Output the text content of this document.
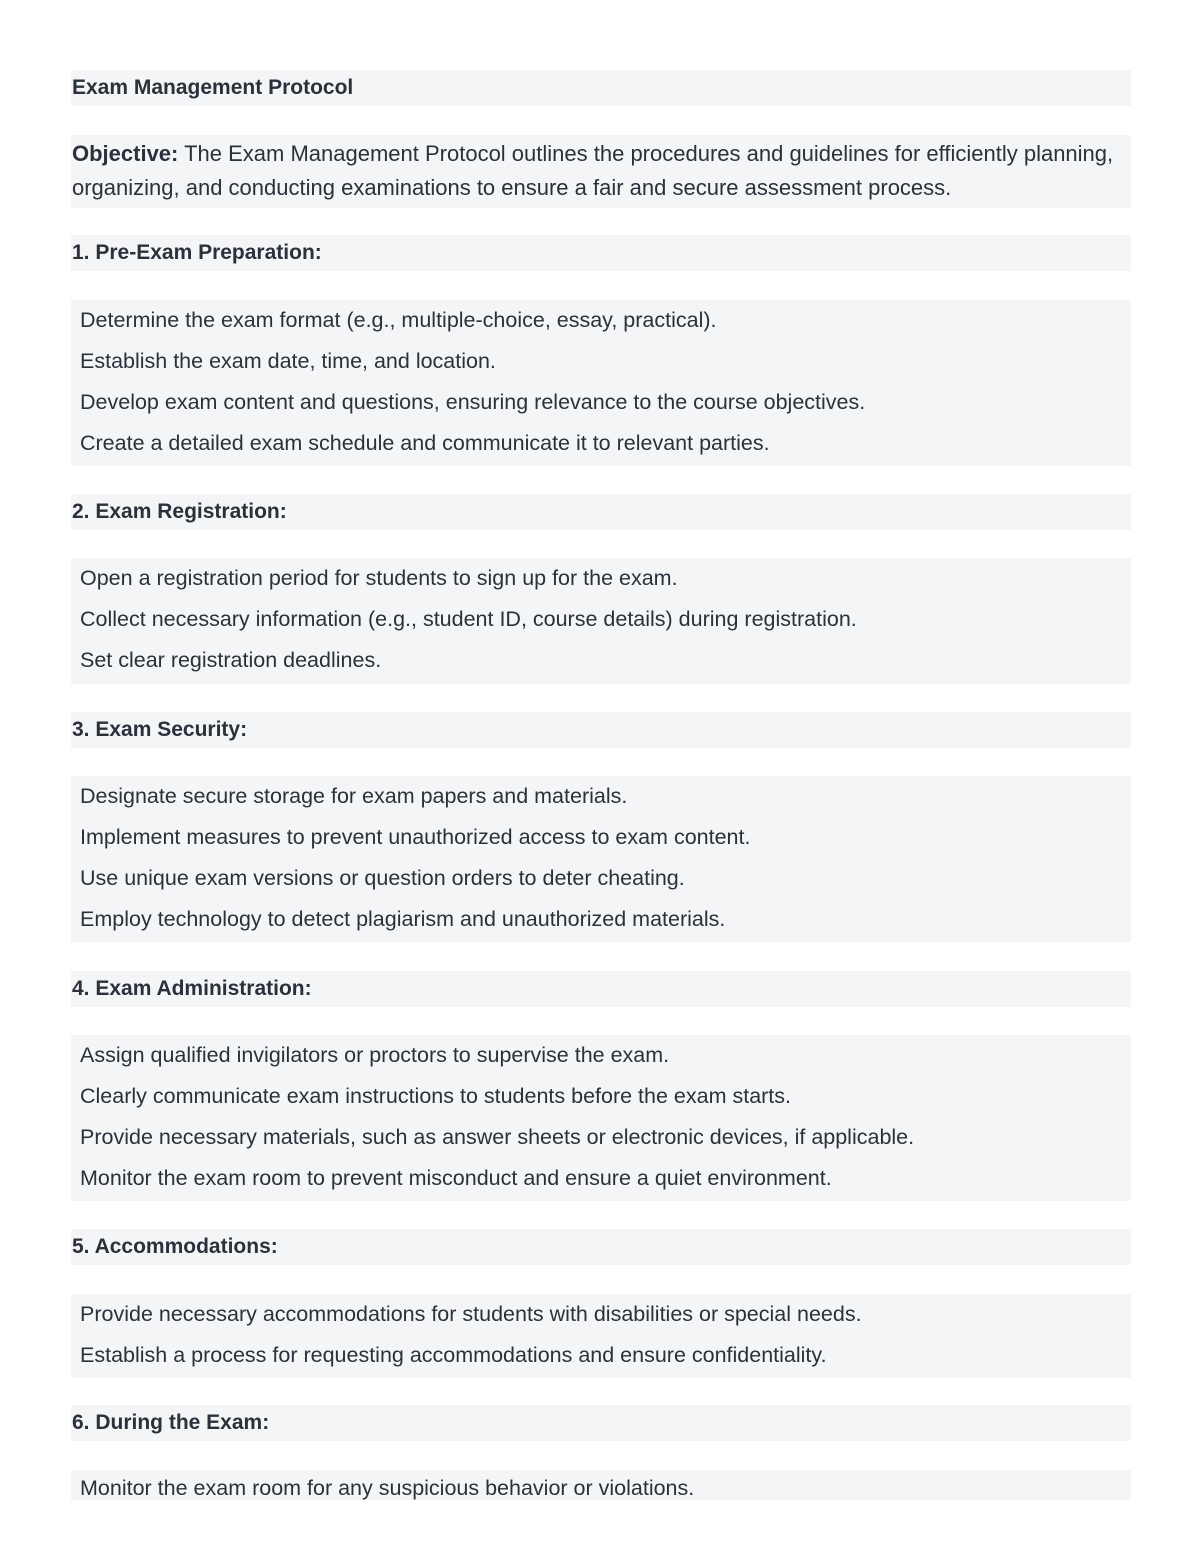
Exam Management Protocol
Objective: The Exam Management Protocol outlines the procedures and guidelines for efficiently planning, organizing, and conducting examinations to ensure a fair and secure assessment process.
1. Pre-Exam Preparation:
Determine the exam format (e.g., multiple-choice, essay, practical).
Establish the exam date, time, and location.
Develop exam content and questions, ensuring relevance to the course objectives.
Create a detailed exam schedule and communicate it to relevant parties.
2. Exam Registration:
Open a registration period for students to sign up for the exam.
Collect necessary information (e.g., student ID, course details) during registration.
Set clear registration deadlines.
3. Exam Security:
Designate secure storage for exam papers and materials.
Implement measures to prevent unauthorized access to exam content.
Use unique exam versions or question orders to deter cheating.
Employ technology to detect plagiarism and unauthorized materials.
4. Exam Administration:
Assign qualified invigilators or proctors to supervise the exam.
Clearly communicate exam instructions to students before the exam starts.
Provide necessary materials, such as answer sheets or electronic devices, if applicable.
Monitor the exam room to prevent misconduct and ensure a quiet environment.
5. Accommodations:
Provide necessary accommodations for students with disabilities or special needs.
Establish a process for requesting accommodations and ensure confidentiality.
6. During the Exam:
Monitor the exam room for any suspicious behavior or violations.
